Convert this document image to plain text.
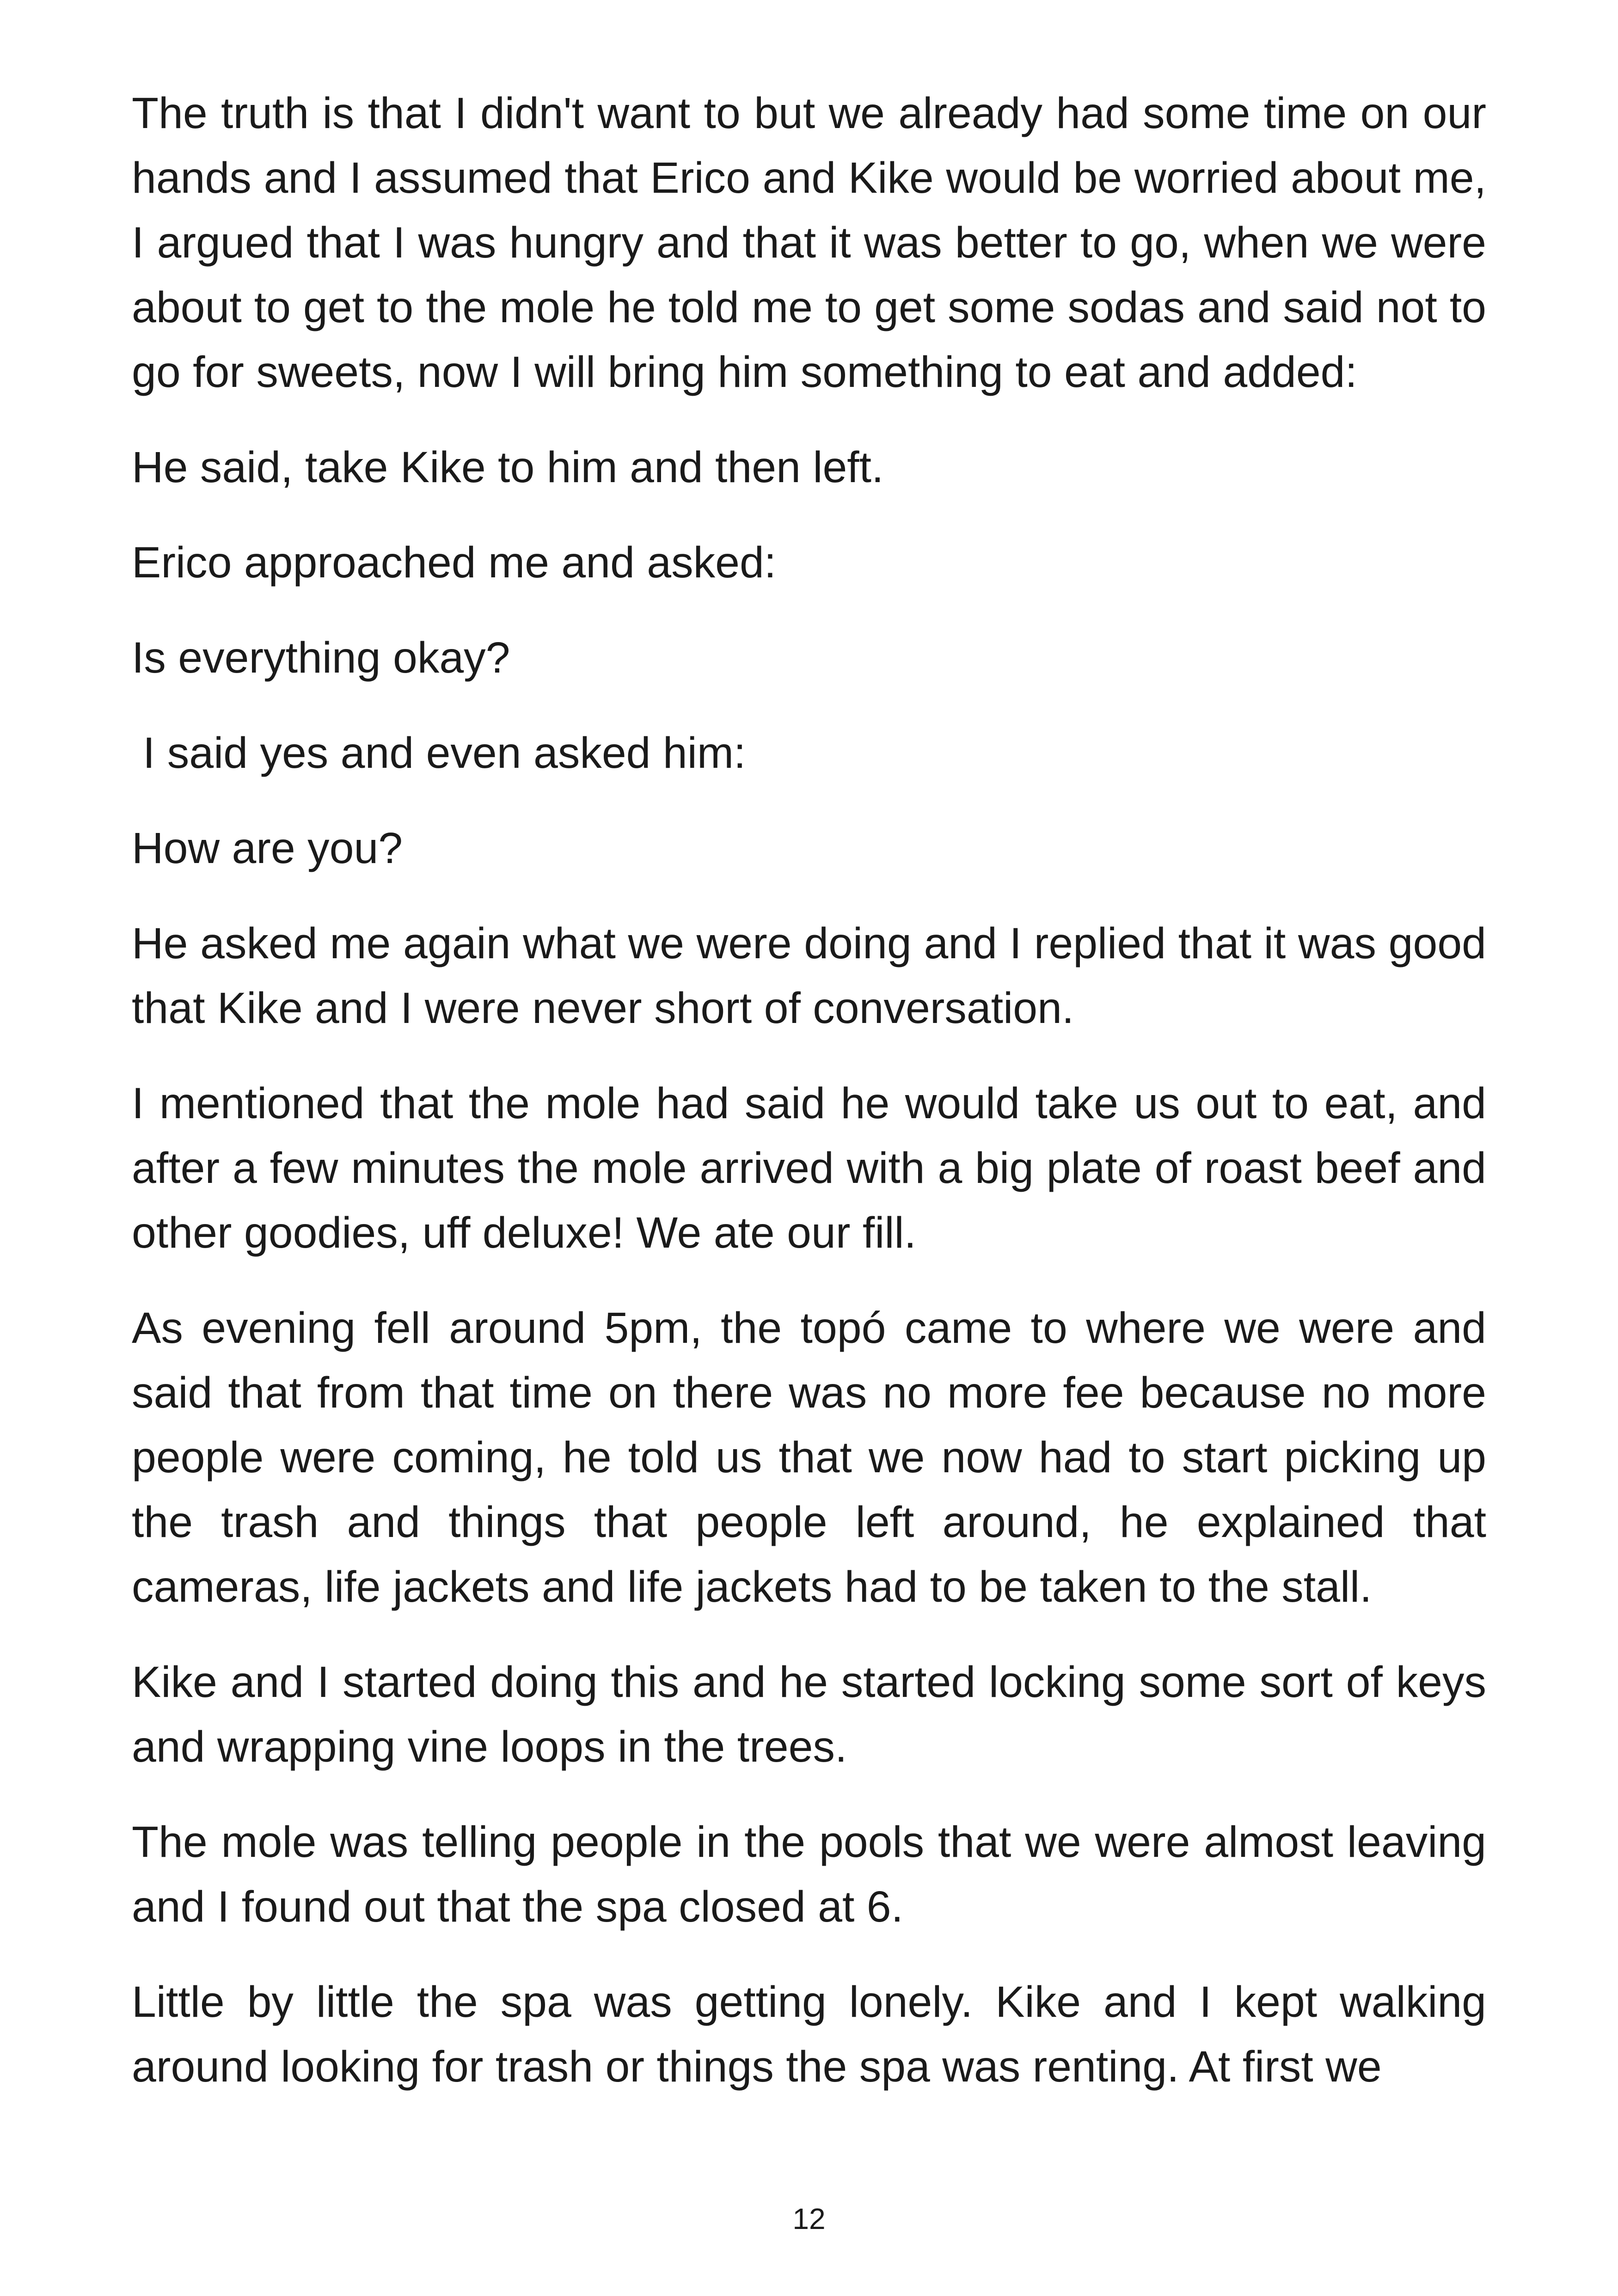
The truth is that I didn't want to but we already had some time on our hands and I assumed that Erico and Kike would be worried about me, I argued that I was hungry and that it was better to go, when we were about to get to the mole he told me to get some sodas and said not to go for sweets, now I will bring him something to eat and added:

He said, take Kike to him and then left.

Erico approached me and asked:

Is everything okay?

I said yes and even asked him:

How are you?

He asked me again what we were doing and I replied that it was good that Kike and I were never short of conversation.

I mentioned that the mole had said he would take us out to eat, and after a few minutes the mole arrived with a big plate of roast beef and other goodies, uff deluxe! We ate our fill.

As evening fell around 5pm, the topó came to where we were and said that from that time on there was no more fee because no more people were coming, he told us that we now had to start picking up the trash and things that people left around, he explained that cameras, life jackets and life jackets had to be taken to the stall.

Kike and I started doing this and he started locking some sort of keys and wrapping vine loops in the trees.

The mole was telling people in the pools that we were almost leaving and I found out that the spa closed at 6.

Little by little the spa was getting lonely. Kike and I kept walking around looking for trash or things the spa was renting. At first we

12
